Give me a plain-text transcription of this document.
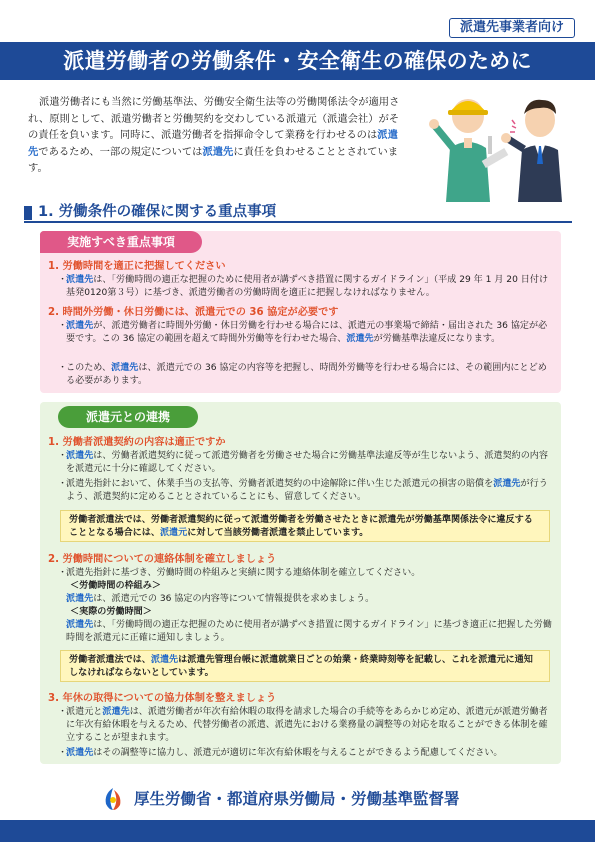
派遣先事業者向け
派遣労働者の労働条件・安全衛生の確保のために

派遣労働者にも当然に労働基準法、労働安全衛生法等の労働関係法令が適用され、原則として、派遣労働者と労働契約を交わしている派遣元（派遣会社）がその責任を負います。同時に、派遣労働者を指揮命令して業務を行わせるのは派遣先であるため、一部の規定については派遣先に責任を負わせることとされています。

1. 労働条件の確保に関する重点事項
実施すべき重点事項
1. 労働時間を適正に把握してください
・
派遣先は、「労働時間の適正な把握のために使用者が講ずべき措置に関するガイドライン」（平成 29 年 1 月 20 日付け基発0120第３号）に基づき、派遣労働者の労働時間を適正に把握しなければなりません。
2. 時間外労働・休日労働には、派遣元での 36 協定が必要です
・
派遣先が、派遣労働者に時間外労働・休日労働を行わせる場合には、派遣元の事業場で締結・届出された 36 協定が必要です。この 36 協定の範囲を超えて時間外労働等を行わせた場合、派遣先が労働基準法違反になります。
・
このため、派遣先は、派遣元での 36 協定の内容等を把握し、時間外労働等を行わせる場合には、その範囲内にとどめる必要があります。
派遣元との連携
1. 労働者派遣契約の内容は適正ですか
・
派遣先は、労働者派遣契約に従って派遣労働者を労働させた場合に労働基準法違反等が生じないよう、派遣契約の内容を派遣元に十分に確認してください。
・
派遣先指針において、休業手当の支払等、労働者派遣契約の中途解除に伴い生じた派遣元の損害の賠償を派遣先が行うよう、派遣契約に定めることとされていることにも、留意してください。
労働者派遣法では、労働者派遣契約に従って派遣労働者を労働させたときに派遣先が労働基準関係法令に違反することとなる場合には、派遣元に対して当該労働者派遣を禁止しています。
2. 労働時間についての連絡体制を確立しましょう
・
派遣先指針に基づき、労働時間の枠組みと実績に関する連絡体制を確立してください。
＜労働時間の枠組み＞
派遣先は、派遣元での 36 協定の内容等について情報提供を求めましょう。
＜実際の労働時間＞
派遣先は、「労働時間の適正な把握のために使用者が講ずべき措置に関するガイドライン」に基づき適正に把握した労働時間を派遣元に正確に通知しましょう。
労働者派遣法では、派遣先は派遣先管理台帳に派遣就業日ごとの始業・終業時刻等を記載し、これを派遣元に通知しなければならないとしています。
3. 年休の取得についての協力体制を整えましょう
・
派遣元と派遣先は、派遣労働者が年次有給休暇の取得を請求した場合の手続等をあらかじめ定め、派遣元が派遣労働者に年次有給休暇を与えるため、代替労働者の派遣、派遣先における業務量の調整等の対応を取ることができる体制を確立することが望まれます。
・
派遣先はその調整等に協力し、派遣元が適切に年次有給休暇を与えることができるよう配慮してください。
厚生労働省・都道府県労働局・労働基準監督署
